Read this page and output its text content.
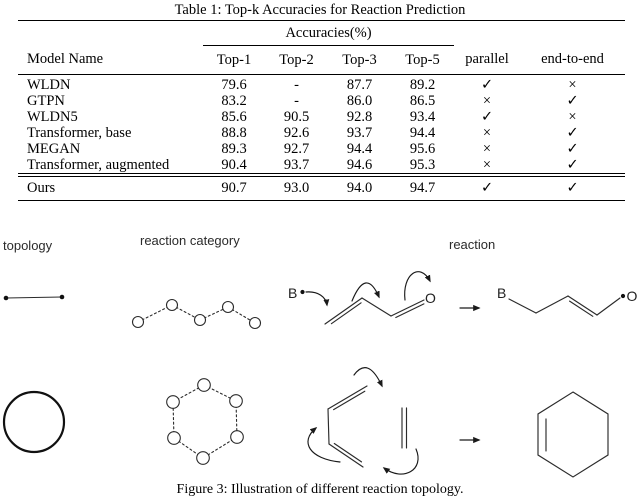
Table 1: Top-k Accuracies for Reaction Prediction
	Accuracies(%)					
Model Name	Top-1	Top-2	Top-3	Top-5	parallel	end-to-end
WLDN	79.6	-	87.7	89.2	✓	×
GTPN	83.2	-	86.0	86.5	×	✓
WLDN5	85.6	90.5	92.8	93.4	✓	×
Transformer, base	88.8	92.6	93.7	94.4	×	✓
MEGAN	89.3	92.7	94.4	95.6	×	✓
Transformer, augmented	90.4	93.7	94.6	95.3	×	✓
Ours	90.7	93.0	94.0	94.7	✓	✓
topology	reaction category	reaction
B	O	B	O
Figure 3: Illustration of different reaction topology.
